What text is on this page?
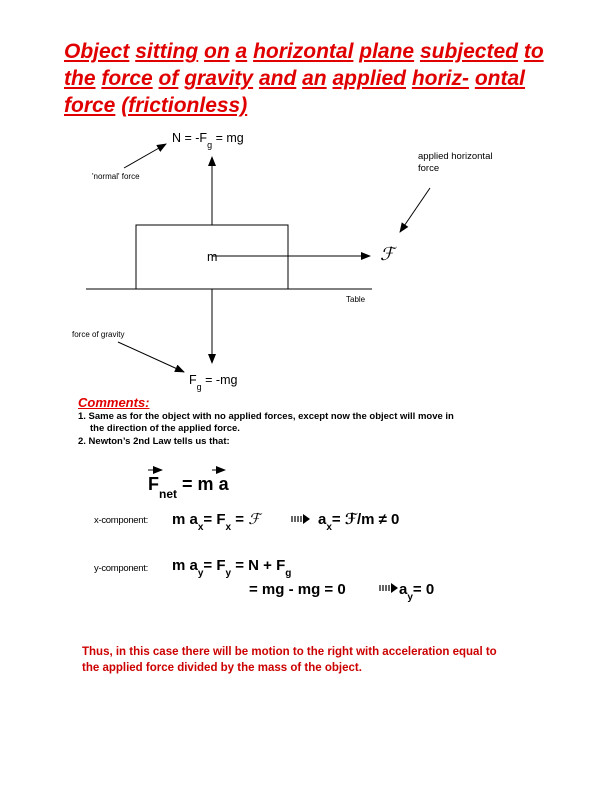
Object sitting on a horizontal plane subjected to the force of gravity and an applied horiz- ontal force (frictionless)
$N = -F_g$ = mg
'normal' force
applied horizontal
force
m	ℱ
Table
force of gravity
$F_g = -mg$
Comments:
1. Same as for the object with no applied forces, except now the object will move in
the direction of the applied force.
2. Newton’s 2nd Law tells us that:
$F_{net} = m$ a
x-component: m $a_x= F_x$ = ℱ	$a_x=$ ℱ/m ≠ 0
y-component: m $a_y= F_y = N + F_g$
= mg - mg = 0	$a_y= 0$
Thus, in this case there will be motion to the right with acceleration equal to
the applied force divided by the mass of the object.
